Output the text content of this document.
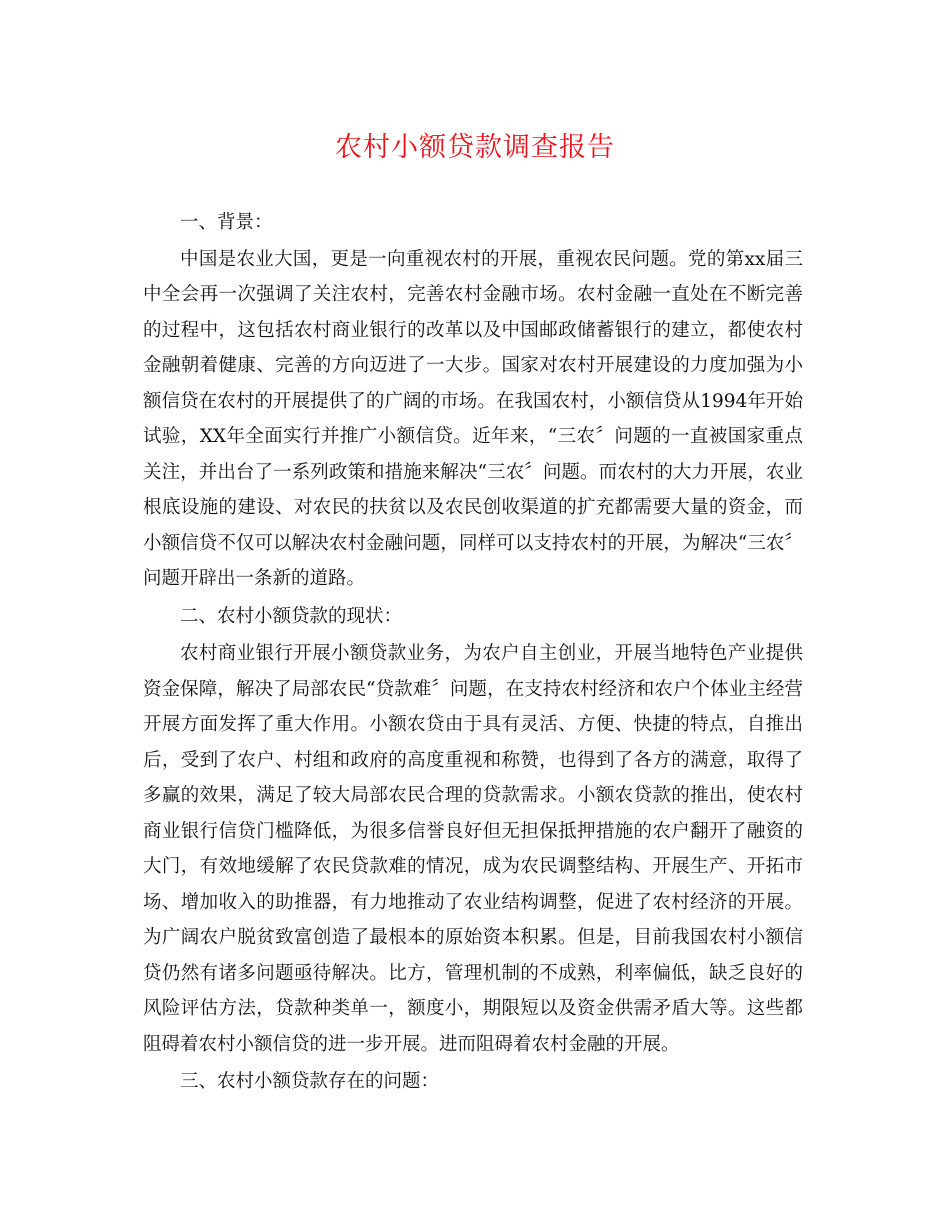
农村小额贷款调查报告

一、背景：

中国是农业大国，更是一向重视农村的开展，重视农民问题。党的第xx届三中全会再一次强调了关注农村，完善农村金融市场。农村金融一直处在不断完善的过程中，这包括农村商业银行的改革以及中国邮政储蓄银行的建立，都使农村金融朝着健康、完善的方向迈进了一大步。国家对农村开展建设的力度加强为小额信贷在农村的开展提供了的广阔的市场。在我国农村，小额信贷从1994年开始试验，XX年全面实行并推广小额信贷。近年来，“三农〞问题的一直被国家重点关注，并出台了一系列政策和措施来解决“三农〞问题。而农村的大力开展，农业根底设施的建设、对农民的扶贫以及农民创收渠道的扩充都需要大量的资金，而小额信贷不仅可以解决农村金融问题，同样可以支持农村的开展，为解决“三农〞问题开辟出一条新的道路。

二、农村小额贷款的现状：

农村商业银行开展小额贷款业务，为农户自主创业，开展当地特色产业提供资金保障，解决了局部农民“贷款难〞问题，在支持农村经济和农户个体业主经营开展方面发挥了重大作用。小额农贷由于具有灵活、方便、快捷的特点，自推出后，受到了农户、村组和政府的高度重视和称赞，也得到了各方的满意，取得了多赢的效果，满足了较大局部农民合理的贷款需求。小额农贷款的推出，使农村商业银行信贷门槛降低，为很多信誉良好但无担保抵押措施的农户翻开了融资的大门，有效地缓解了农民贷款难的情况，成为农民调整结构、开展生产、开拓市场、增加收入的助推器，有力地推动了农业结构调整，促进了农村经济的开展。为广阔农户脱贫致富创造了最根本的原始资本积累。但是，目前我国农村小额信贷仍然有诸多问题亟待解决。比方，管理机制的不成熟，利率偏低，缺乏良好的风险评估方法，贷款种类单一，额度小，期限短以及资金供需矛盾大等。这些都阻碍着农村小额信贷的进一步开展。进而阻碍着农村金融的开展。

三、农村小额贷款存在的问题：
